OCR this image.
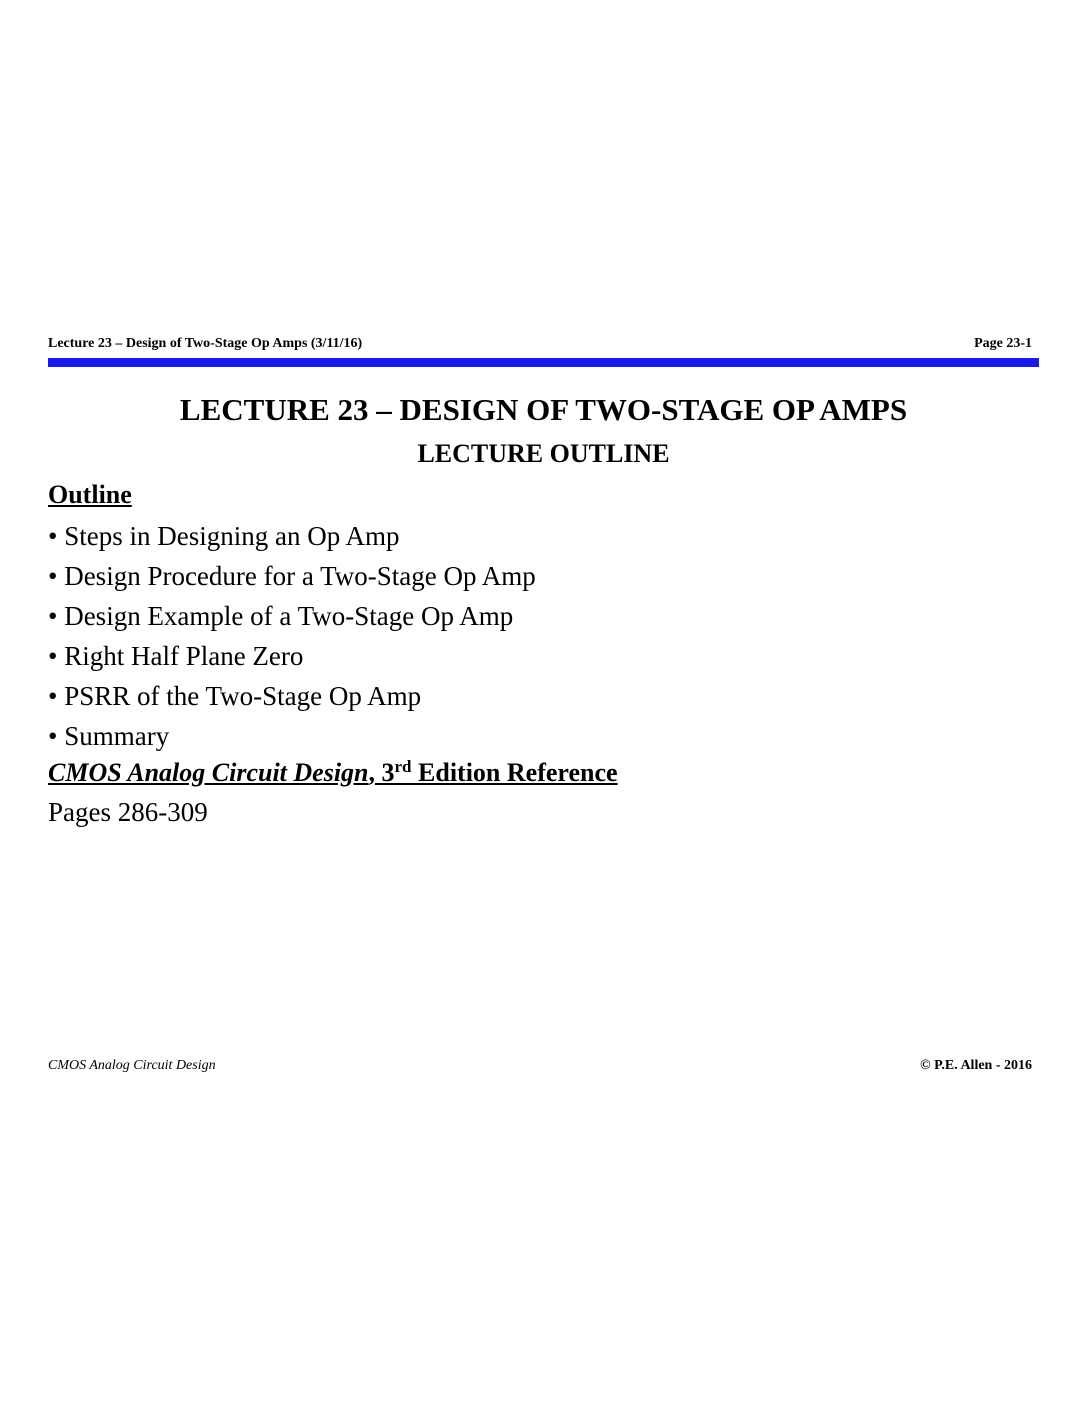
Lecture 23 – Design of Two-Stage Op Amps (3/11/16)	Page 23-1
LECTURE 23 – DESIGN OF TWO-STAGE OP AMPS
LECTURE OUTLINE
Outline
• Steps in Designing an Op Amp
• Design Procedure for a Two-Stage Op Amp
• Design Example of a Two-Stage Op Amp
• Right Half Plane Zero
• PSRR of the Two-Stage Op Amp
• Summary
CMOS Analog Circuit Design, 3rd Edition Reference
Pages 286-309
CMOS Analog Circuit Design	© P.E. Allen - 2016
